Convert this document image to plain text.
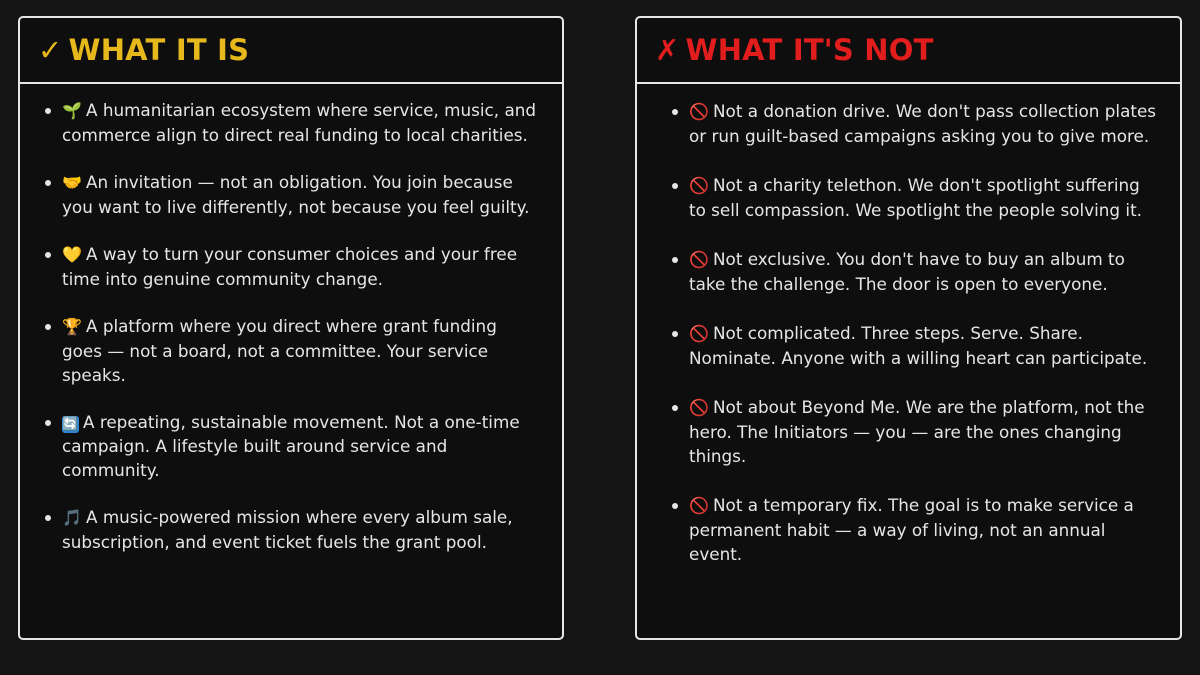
✓ WHAT IT IS
🌱 A humanitarian ecosystem where service, music, and commerce align to direct real funding to local charities.
🤝 An invitation — not an obligation. You join because you want to live differently, not because you feel guilty.
💛 A way to turn your consumer choices and your free time into genuine community change.
🏆 A platform where you direct where grant funding goes — not a board, not a committee. Your service speaks.
🔄 A repeating, sustainable movement. Not a one-time campaign. A lifestyle built around service and community.
🎵 A music-powered mission where every album sale, subscription, and event ticket fuels the grant pool.
✗ WHAT IT'S NOT
🚫 Not a donation drive. We don't pass collection plates or run guilt-based campaigns asking you to give more.
🚫 Not a charity telethon. We don't spotlight suffering to sell compassion. We spotlight the people solving it.
🚫 Not exclusive. You don't have to buy an album to take the challenge. The door is open to everyone.
🚫 Not complicated. Three steps. Serve. Share. Nominate. Anyone with a willing heart can participate.
🚫 Not about Beyond Me. We are the platform, not the hero. The Initiators — you — are the ones changing things.
🚫 Not a temporary fix. The goal is to make service a permanent habit — a way of living, not an annual event.
